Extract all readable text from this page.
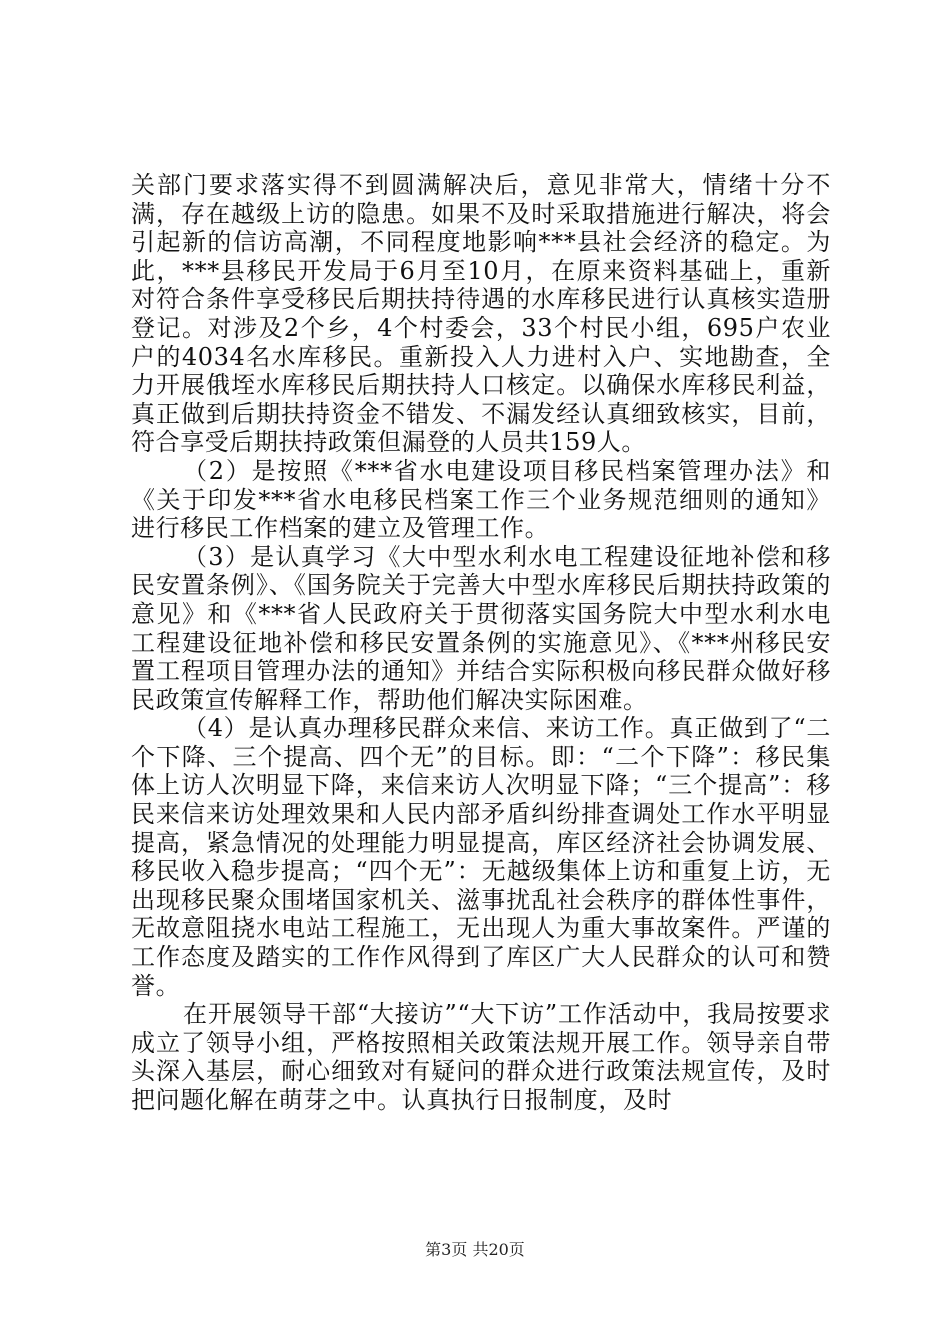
关部门要求落实得不到圆满解决后，意见非常大，情绪十分不满，存在越级上访的隐患。如果不及时采取措施进行解决，将会引起新的信访高潮，不同程度地影响***县社会经济的稳定。为此，***县移民开发局于6月至10月，在原来资料基础上，重新对符合条件享受移民后期扶持待遇的水库移民进行认真核实造册登记。对涉及2个乡，4个村委会，33个村民小组，695户农业户的4034名水库移民。重新投入人力进村入户、实地勘查，全力开展俄垤水库移民后期扶持人口核定。以确保水库移民利益，真正做到后期扶持资金不错发、不漏发经认真细致核实，目前，符合享受后期扶持政策但漏登的人员共159人。

（2）是按照《***省水电建设项目移民档案管理办法》和《关于印发***省水电移民档案工作三个业务规范细则的通知》进行移民工作档案的建立及管理工作。

（3）是认真学习《大中型水利水电工程建设征地补偿和移民安置条例》、《国务院关于完善大中型水库移民后期扶持政策的意见》和《***省人民政府关于贯彻落实国务院大中型水利水电工程建设征地补偿和移民安置条例的实施意见》、《***州移民安置工程项目管理办法的通知》并结合实际积极向移民群众做好移民政策宣传解释工作，帮助他们解决实际困难。

（4）是认真办理移民群众来信、来访工作。真正做到了“二个下降、三个提高、四个无”的目标。即：“二个下降”：移民集体上访人次明显下降，来信来访人次明显下降；“三个提高”：移民来信来访处理效果和人民内部矛盾纠纷排查调处工作水平明显提高，紧急情况的处理能力明显提高，库区经济社会协调发展、移民收入稳步提高；“四个无”：无越级集体上访和重复上访，无出现移民聚众围堵国家机关、滋事扰乱社会秩序的群体性事件，无故意阻挠水电站工程施工，无出现人为重大事故案件。严谨的工作态度及踏实的工作作风得到了库区广大人民群众的认可和赞誉。

在开展领导干部“大接访”“大下访”工作活动中，我局按要求成立了领导小组，严格按照相关政策法规开展工作。领导亲自带头深入基层，耐心细致对有疑问的群众进行政策法规宣传，及时把问题化解在萌芽之中。认真执行日报制度，及时

第3页 共20页
